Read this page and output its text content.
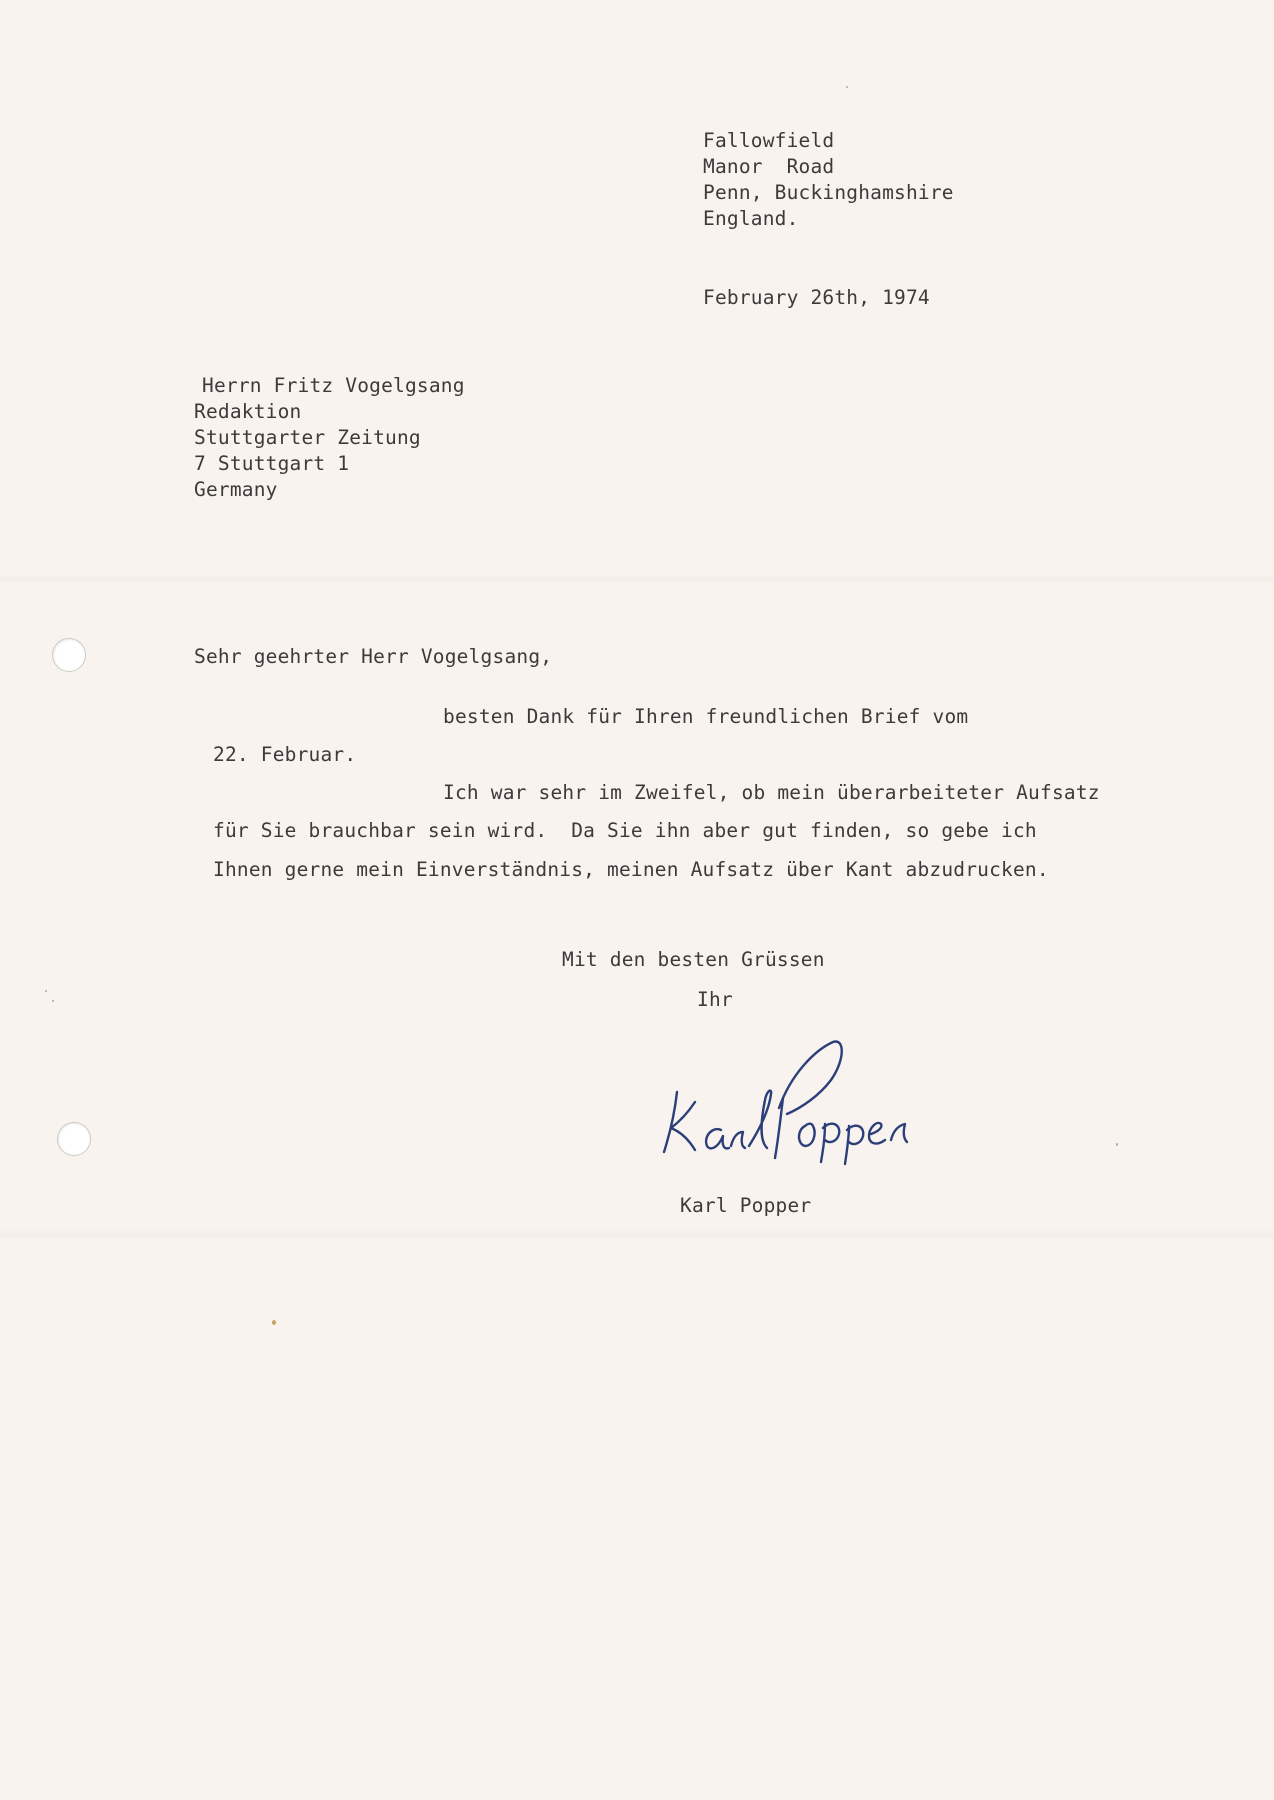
Fallowfield
Manor  Road
Penn, Buckinghamshire
England.
February 26th, 1974
Herrn Fritz Vogelgsang
Redaktion
Stuttgarter Zeitung
7 Stuttgart 1
Germany
Sehr geehrter Herr Vogelgsang,
besten Dank für Ihren freundlichen Brief vom
22. Februar.
Ich war sehr im Zweifel, ob mein überarbeiteter Aufsatz
für Sie brauchbar sein wird.  Da Sie ihn aber gut finden, so gebe ich
Ihnen gerne mein Einverständnis, meinen Aufsatz über Kant abzudrucken.
Mit den besten Grüssen
Ihr
Karl Popper
